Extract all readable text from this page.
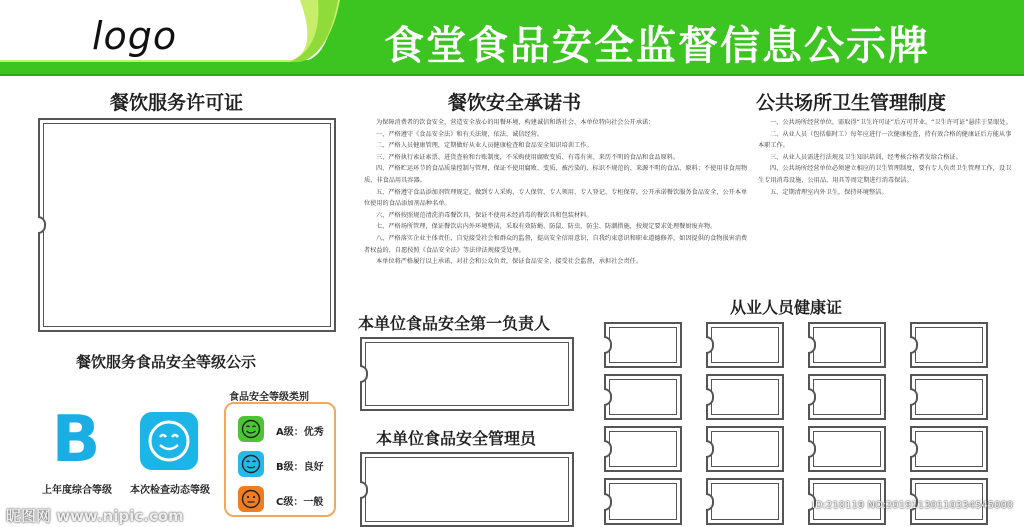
logo	食堂食品安全监督信息公示牌
餐饮服务许可证	餐饮安全承诺书

为保障消费者的饮食安全，营造安全放心的用餐环境，构建诚信和谐社会，本单位特向社会公开承诺：

一、严格遵守《食品安全法》和有关法规，依法、诚信经营。

二、严格人员健康管理，定期做好从业人员健康检查和食品安全知识培训工作。

三、严格执行索证索票、进货查验和台账制度，不采购使用腐败变质、有毒有害、来历不明的食品和食品原料。

四、严格贮运环节的食品质量控制与管理，保证不使用腐败、变质、被污染的、标识不规范的、来源不明的食品、原料；不使用非食用物质、非食品用具容器。

五、严格遵守食品添加剂管理规定。做到专人采购、专人保管、专人领用、专人登记、专柜保存，公开承诺餐饮服务食品安全，公开本单位使用的食品添加剂品种名单。

六、严格按照规范清洗消毒餐饮具，保证不使用未经消毒的餐饮具和包装材料。

七、严格场所管理，保证餐饮店内外环境整洁，采取有效防蝇、防鼠、防虫、防尘、防潮措施，按规定要求处理餐厨废弃物。

八、严格落实企业主体责任，自觉接受社会和群众的监督，提高安全信用意识，自我约束意识和职业道德修养，如因提供的食物损害消费者权益的，自愿按照《食品安全法》等法律法规接受处理。

本单位将严格履行以上承诺，对社会和公众负责，保证食品安全，接受社会监督，承担社会责任。

公共场所卫生管理制度

一、公共场所经营单位，需取得“卫生许可证”后方可开业。“卫生许可证”悬挂于显眼处。

二、从业人员（包括临时工）每年应进行一次健康检查，持有效合格的健康证后方能从事本职工作。

三、从业人员需进行法规及卫生知识培训，经考核合格者发给合格证。

四、公共场所经营单位必须建立相应的卫生管理制度，要有专人负责卫生管理工作，设卫生专用消毒设施，公用品、用具等周定期进行消毒保洁。

五、定期清理室内外卫生，保持环境整洁。

本单位食品安全第一负责人
本单位食品安全管理员
从业人员健康证
餐饮服务食品安全等级公示
B
上年度综合等级 本次检查动态等级
食品安全等级类别
A级：优秀
B级：良好
C级：一般
昵图网 www.nipic.com
ID:210119 NO:20191130110334545000
